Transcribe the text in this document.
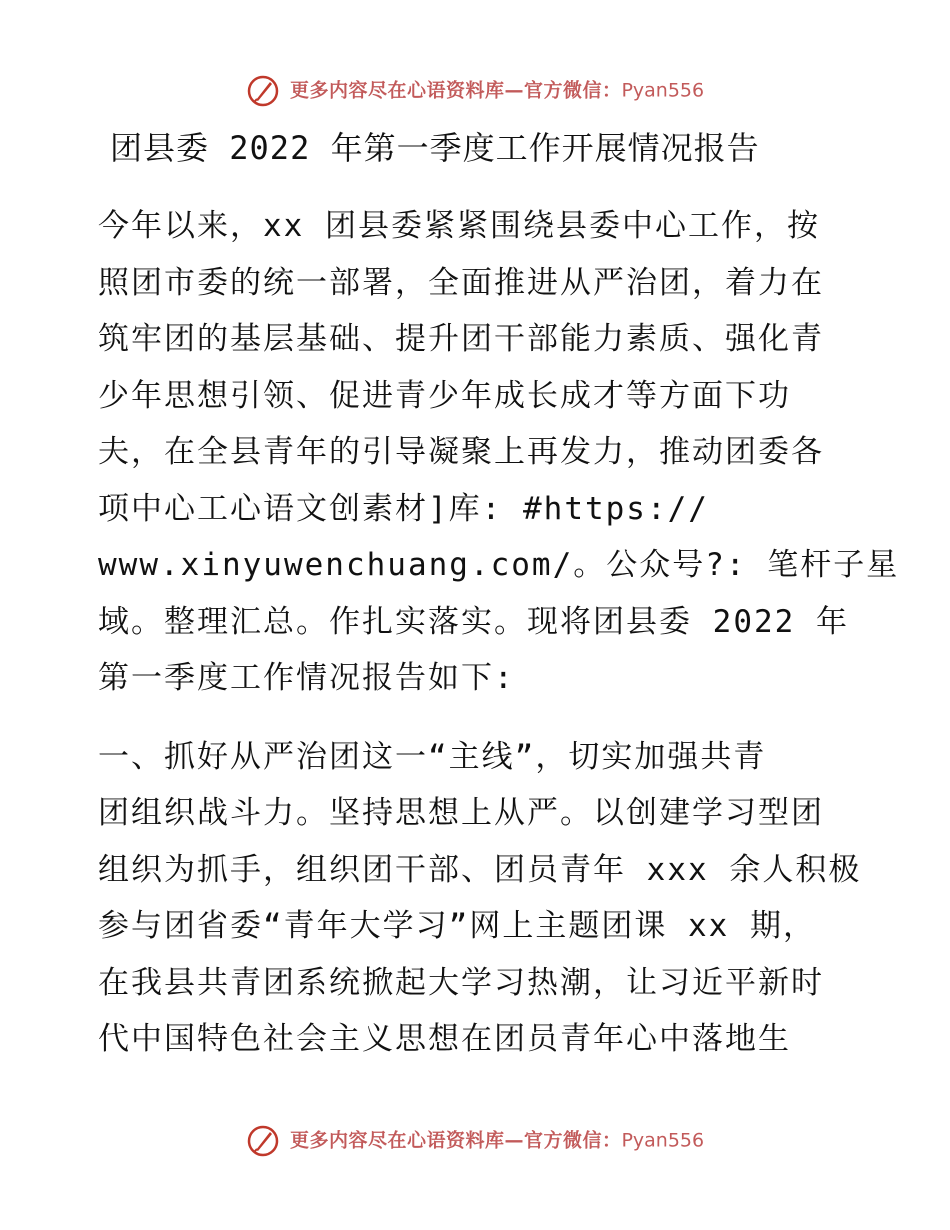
更多内容尽在心语资料库—官方微信：Pyan556
团县委 2022 年第一季度工作开展情况报告
今年以来，xx 团县委紧紧围绕县委中心工作，按
照团市委的统一部署，全面推进从严治团，着力在
筑牢团的基层基础、提升团干部能力素质、强化青
少年思想引领、促进青少年成长成才等方面下功
夫，在全县青年的引导凝聚上再发力，推动团委各
项中心工心语文创素材]库: #https://
www.xinyuwenchuang.com/。公众号?: 笔杆子星
域。整理汇总。作扎实落实。现将团县委 2022 年
第一季度工作情况报告如下:
一、抓好从严治团这一“主线”，切实加强共青
团组织战斗力。坚持思想上从严。以创建学习型团
组织为抓手，组织团干部、团员青年 xxx 余人积极
参与团省委“青年大学习”网上主题团课 xx 期，
在我县共青团系统掀起大学习热潮，让习近平新时
代中国特色社会主义思想在团员青年心中落地生
更多内容尽在心语资料库—官方微信：Pyan556
